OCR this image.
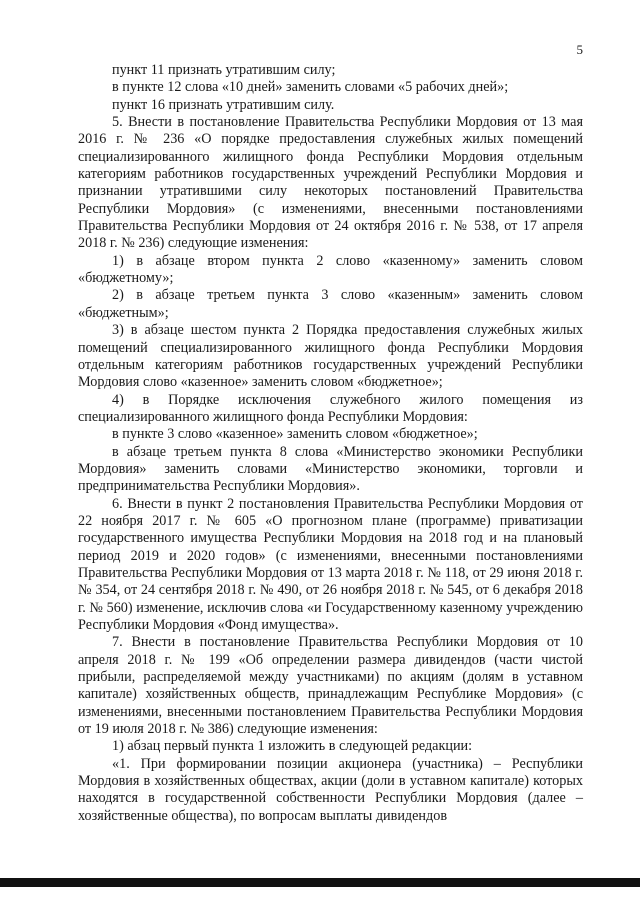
5

пункт 11 признать утратившим силу;

в пункте 12 слова «10 дней» заменить словами «5 рабочих дней»;

пункт 16 признать утратившим силу.

5. Внести в постановление Правительства Республики Мордовия от 13 мая 2016 г. № 236 «О порядке предоставления служебных жилых помещений специализированного жилищного фонда Республики Мордовия отдельным категориям работников государственных учреждений Республики Мордовия и признании утратившими силу некоторых постановлений Правительства Республики Мордовия» (с изменениями, внесенными постановлениями Правительства Республики Мордовия от 24 октября 2016 г. № 538, от 17 апреля 2018 г. № 236) следующие изменения:

1) в абзаце втором пункта 2 слово «казенному» заменить словом «бюджетному»;

2) в абзаце третьем пункта 3 слово «казенным» заменить словом «бюджетным»;

3) в абзаце шестом пункта 2 Порядка предоставления служебных жилых помещений специализированного жилищного фонда Республики Мордовия отдельным категориям работников государственных учреждений Республики Мордовия слово «казенное» заменить словом «бюджетное»;

4) в Порядке исключения служебного жилого помещения из специализированного жилищного фонда Республики Мордовия:

в пункте 3 слово «казенное» заменить словом «бюджетное»;

в абзаце третьем пункта 8 слова «Министерство экономики Республики Мордовия» заменить словами «Министерство экономики, торговли и предпринимательства Республики Мордовия».

6. Внести в пункт 2 постановления Правительства Республики Мордовия от 22 ноября 2017 г. № 605 «О прогнозном плане (программе) приватизации государственного имущества Республики Мордовия на 2018 год и на плановый период 2019 и 2020 годов» (с изменениями, внесенными постановлениями Правительства Республики Мордовия от 13 марта 2018 г. № 118, от 29 июня 2018 г. № 354, от 24 сентября 2018 г. № 490, от 26 ноября 2018 г. № 545, от 6 декабря 2018 г. № 560) изменение, исключив слова «и Государственному казенному учреждению Республики Мордовия «Фонд имущества».

7. Внести в постановление Правительства Республики Мордовия от 10 апреля 2018 г. № 199 «Об определении размера дивидендов (части чистой прибыли, распределяемой между участниками) по акциям (долям в уставном капитале) хозяйственных обществ, принадлежащим Республике Мордовия» (с изменениями, внесенными постановлением Правительства Республики Мордовия от 19 июля 2018 г. № 386) следующие изменения:

1) абзац первый пункта 1 изложить в следующей редакции:

«1. При формировании позиции акционера (участника) – Республики Мордовия в хозяйственных обществах, акции (доли в уставном капитале) которых находятся в государственной собственности Республики Мордовия (далее – хозяйственные общества), по вопросам выплаты дивидендов
